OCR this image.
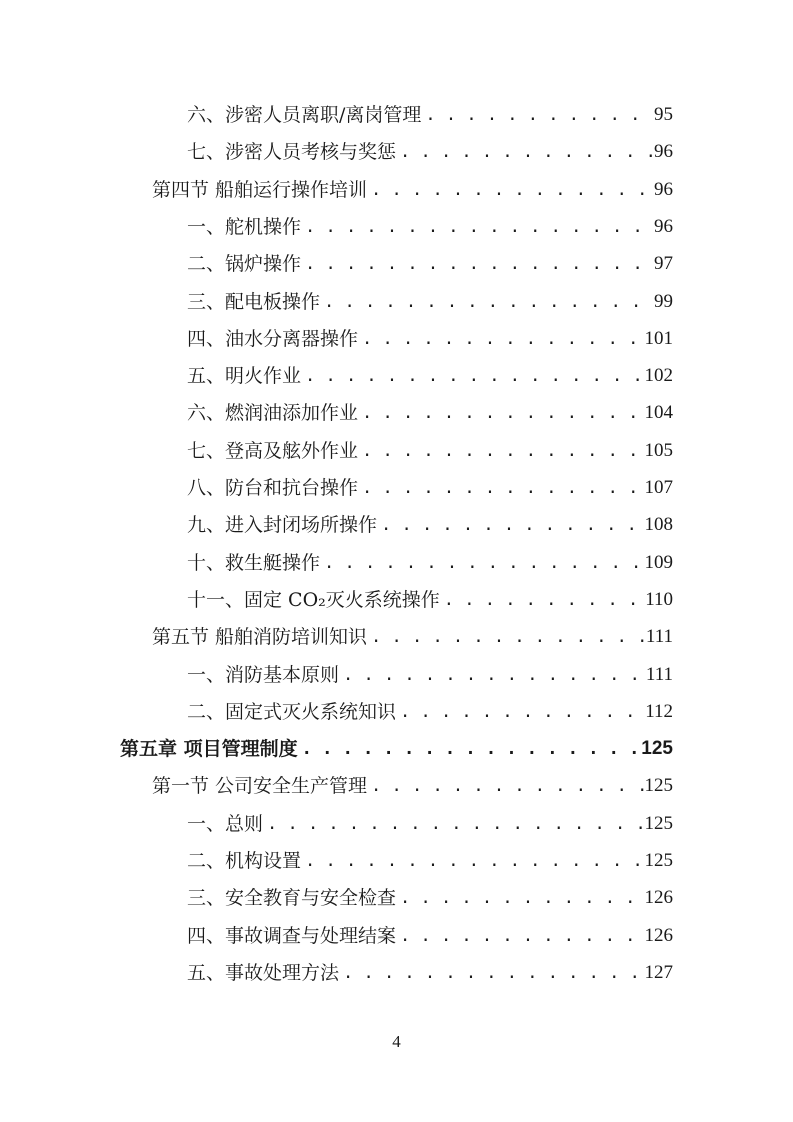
六、涉密人员离职/离岗管理 . . .	95
七、涉密人员考核与奖惩 . . .	96
第四节 船舶运行操作培训 . . .	96
一、舵机操作 . . .	96
二、锅炉操作 . . .	97
三、配电板操作 . . .	99
四、油水分离器操作 . . .	101
五、明火作业 . . .	102
六、燃润油添加作业 . . .	104
七、登高及舷外作业 . . .	105
八、防台和抗台操作 . . .	107
九、进入封闭场所操作 . . .	108
十、救生艇操作 . . .	109
十一、固定 CO₂灭火系统操作 . . .	110
第五节 船舶消防培训知识 . . .	111
一、消防基本原则 . . .	111
二、固定式灭火系统知识 . . .	112
第五章 项目管理制度 . . .	125
第一节 公司安全生产管理 . . .	125
一、总则 . . .	125
二、机构设置 . . .	125
三、安全教育与安全检查 . . .	126
四、事故调查与处理结案 . . .	126
五、事故处理方法 . . .	127
4
